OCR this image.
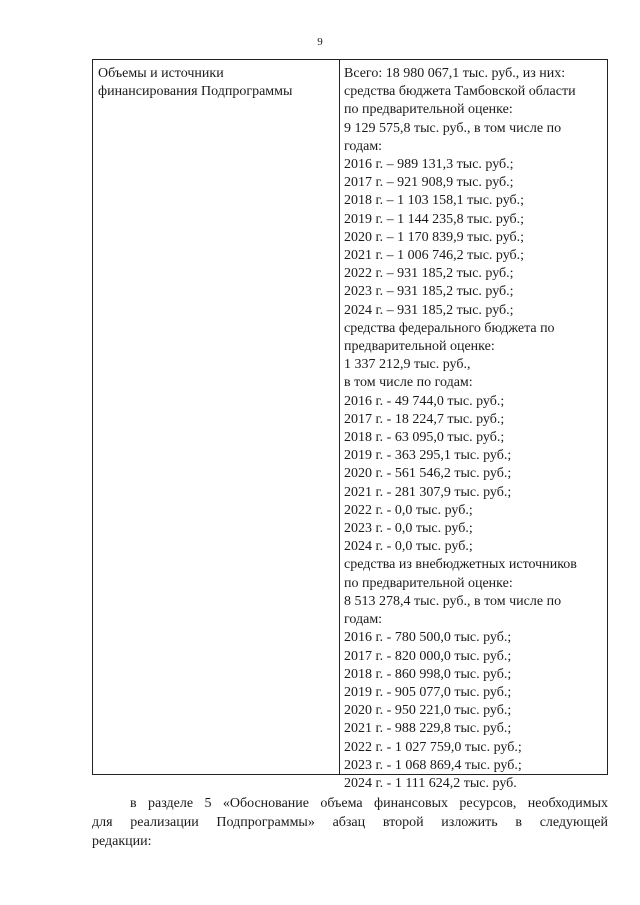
9
Объемы и источники
финансирования Подпрограммы
Всего: 18 980 067,1 тыс. руб., из них:
средства бюджета Тамбовской области
по предварительной оценке:
9 129 575,8 тыс. руб., в том числе по
годам:
2016 г. – 989 131,3 тыс. руб.;
2017 г. – 921 908,9 тыс. руб.;
2018 г. – 1 103 158,1 тыс. руб.;
2019 г. – 1 144 235,8 тыс. руб.;
2020 г. – 1 170 839,9 тыс. руб.;
2021 г. – 1 006 746,2 тыс. руб.;
2022 г. – 931 185,2 тыс. руб.;
2023 г. – 931 185,2 тыс. руб.;
2024 г. – 931 185,2 тыс. руб.;
средства федерального бюджета по
предварительной оценке:
1 337 212,9 тыс. руб.,
в том числе по годам:
2016 г. - 49 744,0 тыс. руб.;
2017 г. - 18 224,7 тыс. руб.;
2018 г. - 63 095,0 тыс. руб.;
2019 г. - 363 295,1 тыс. руб.;
2020 г. - 561 546,2 тыс. руб.;
2021 г. - 281 307,9 тыс. руб.;
2022 г. - 0,0 тыс. руб.;
2023 г. - 0,0 тыс. руб.;
2024 г. - 0,0 тыс. руб.;
средства из внебюджетных источников
по предварительной оценке:
8 513 278,4 тыс. руб., в том числе по
годам:
2016 г. - 780 500,0 тыс. руб.;
2017 г. - 820 000,0 тыс. руб.;
2018 г. - 860 998,0 тыс. руб.;
2019 г. - 905 077,0 тыс. руб.;
2020 г. - 950 221,0 тыс. руб.;
2021 г. - 988 229,8 тыс. руб.;
2022 г. - 1 027 759,0 тыс. руб.;
2023 г. - 1 068 869,4 тыс. руб.;
2024 г. - 1 111 624,2 тыс. руб.
в разделе 5 «Обоснование объема финансовых ресурсов, необходимых
для реализации Подпрограммы» абзац второй изложить в следующей
редакции:
